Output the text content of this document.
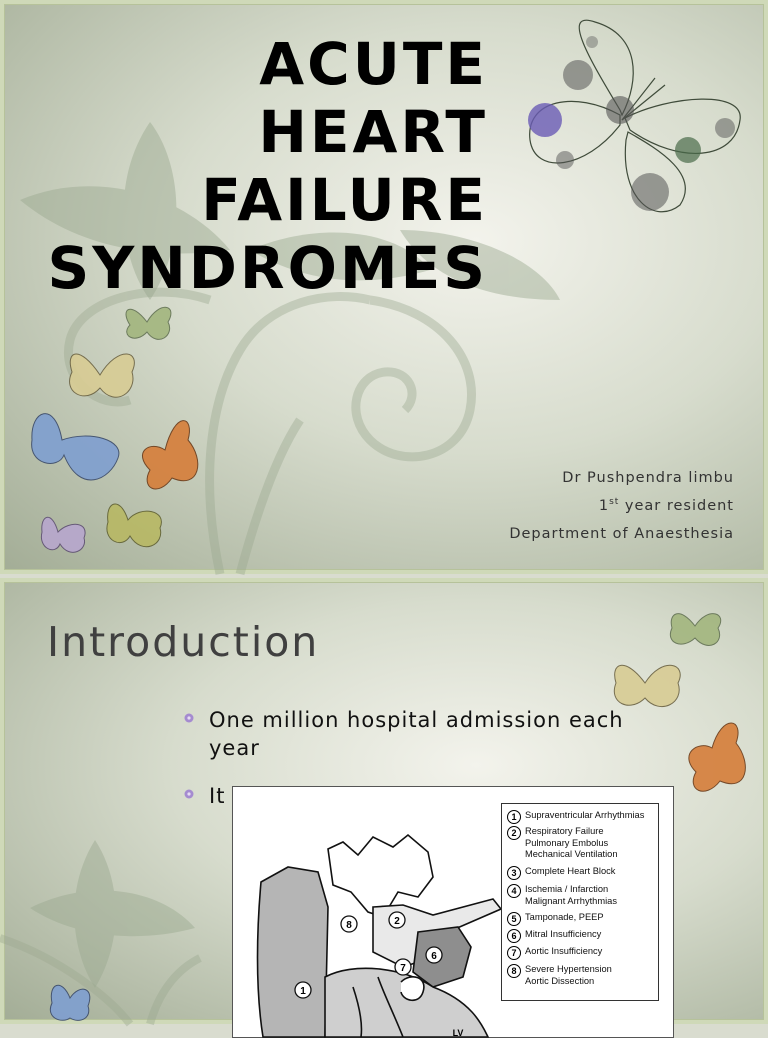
ACUTE
HEART
FAILURE
SYNDROMES
Dr Pushpendra limbu
1st year resident
Department of Anaesthesia
Introduction
One million hospital admission each year
It
8	2
7
6
1
LV
1 Supraventricular Arrhythmias
2 Respiratory Failure
Pulmonary Embolus
Mechanical Ventilation
3 Complete Heart Block
4 Ischemia / Infarction
Malignant Arrhythmias
5 Tamponade, PEEP
6 Mitral Insufficiency
7 Aortic Insufficiency
8 Severe Hypertension
Aortic Dissection
